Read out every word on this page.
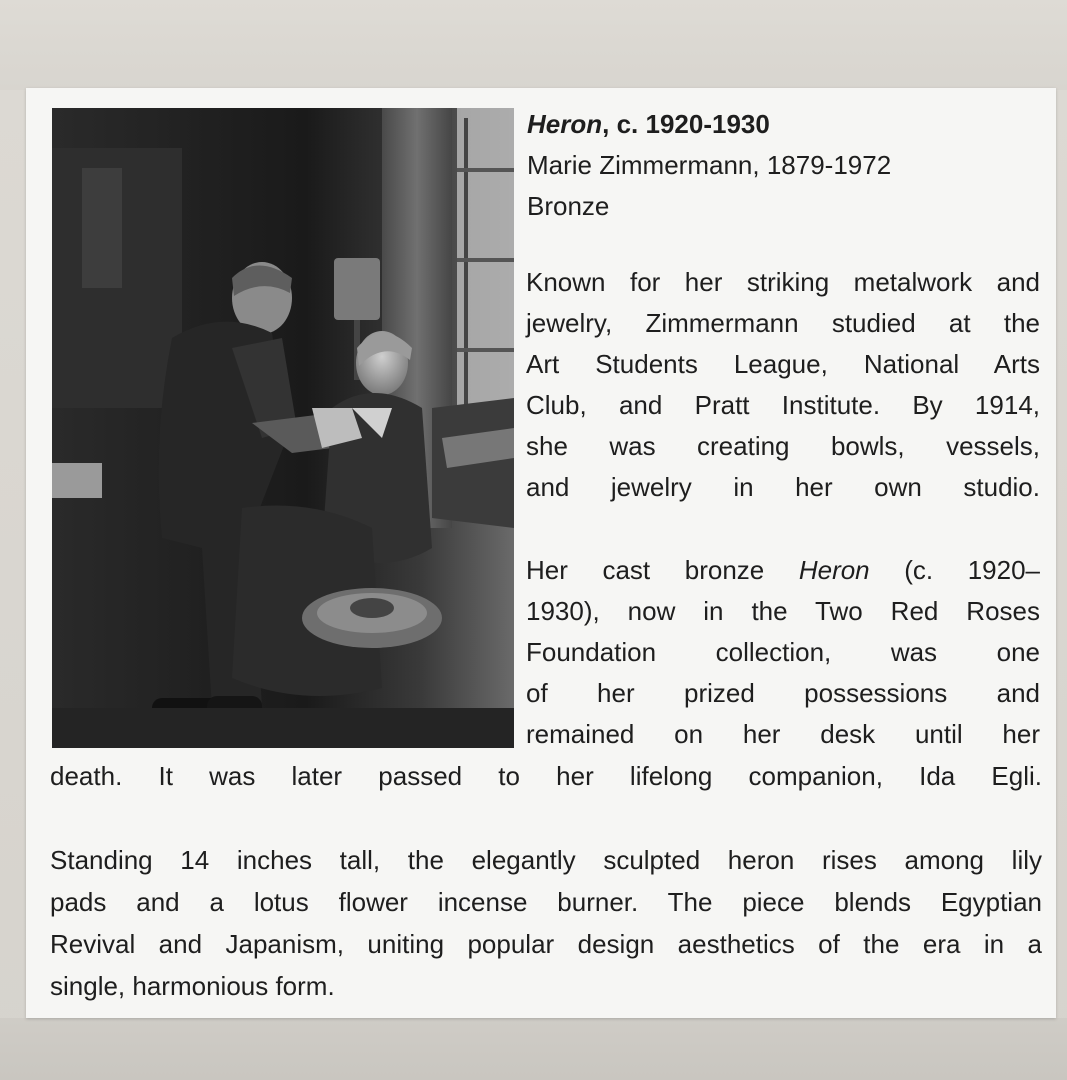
Heron, c. 1920-1930
Marie Zimmermann, 1879-1972
Bronze
Known for her striking metalwork and
jewelry, Zimmermann studied at the
Art Students League, National Arts
Club, and Pratt Institute. By 1914,
she was creating bowls, vessels,
and jewelry in her own studio.
Her cast bronze Heron (c. 1920–
1930), now in the Two Red Roses
Foundation collection, was one
of her prized possessions and
remained on her desk until her
death. It was later passed to her lifelong companion, Ida Egli.
Standing 14 inches tall, the elegantly sculpted heron rises among lily
pads and a lotus flower incense burner. The piece blends Egyptian
Revival and Japanism, uniting popular design aesthetics of the era in a
single, harmonious form.
